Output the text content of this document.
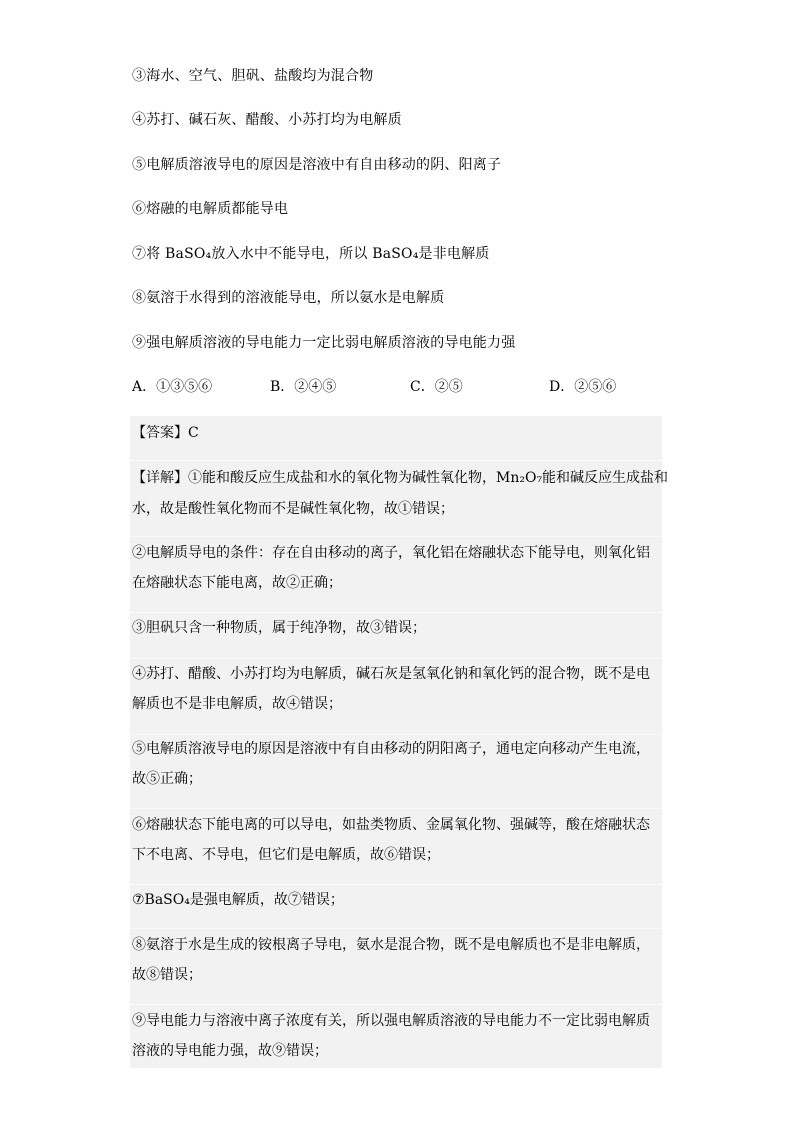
③海水、空气、胆矾、盐酸均为混合物
④苏打、碱石灰、醋酸、小苏打均为电解质
⑤电解质溶液导电的原因是溶液中有自由移动的阴、阳离子
⑥熔融的电解质都能导电
⑦将 BaSO₄放入水中不能导电，所以 BaSO₄是非电解质
⑧氨溶于水得到的溶液能导电，所以氨水是电解质
⑨强电解质溶液的导电能力一定比弱电解质溶液的导电能力强
A．①③⑤⑥	B．②④⑤	C．②⑤	D．②⑤⑥
【答案】C
【详解】①能和酸反应生成盐和水的氧化物为碱性氧化物，Mn₂O₇能和碱反应生成盐和
水，故是酸性氧化物而不是碱性氧化物，故①错误；
②电解质导电的条件：存在自由移动的离子，氧化铝在熔融状态下能导电，则氧化铝
在熔融状态下能电离，故②正确；
③胆矾只含一种物质，属于纯净物，故③错误；
④苏打、醋酸、小苏打均为电解质，碱石灰是氢氧化钠和氧化钙的混合物，既不是电
解质也不是非电解质，故④错误；
⑤电解质溶液导电的原因是溶液中有自由移动的阴阳离子，通电定向移动产生电流，
故⑤正确；
⑥熔融状态下能电离的可以导电，如盐类物质、金属氧化物、强碱等，酸在熔融状态
下不电离、不导电，但它们是电解质，故⑥错误；
⑦BaSO₄是强电解质，故⑦错误；
⑧氨溶于水是生成的铵根离子导电，氨水是混合物，既不是电解质也不是非电解质，
故⑧错误；
⑨导电能力与溶液中离子浓度有关，所以强电解质溶液的导电能力不一定比弱电解质
溶液的导电能力强，故⑨错误；
